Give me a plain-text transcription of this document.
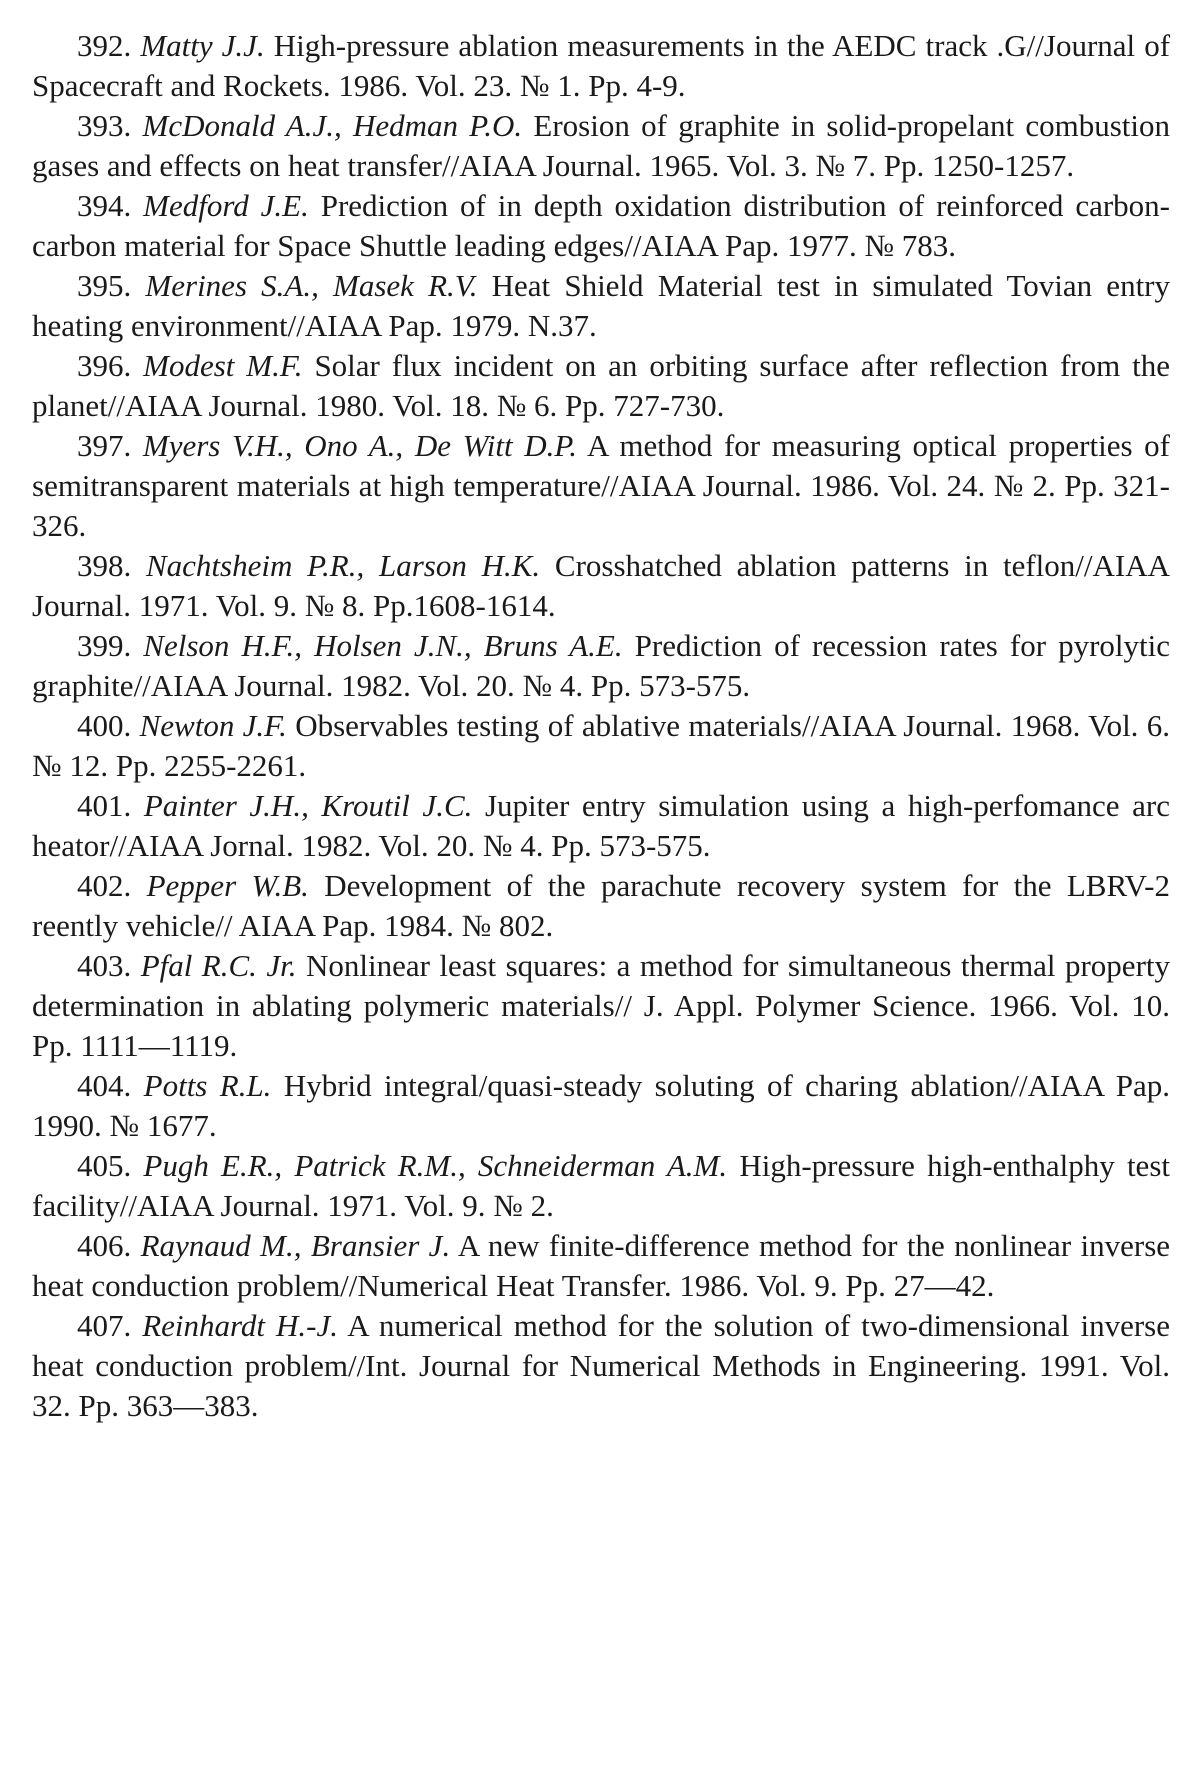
392. Matty J.J. High-pressure ablation measurements in the AEDC track .G//Journal of Spacecraft and Rockets. 1986. Vol. 23. № 1. Pp. 4-9.

393. McDonald A.J., Hedman P.O. Erosion of graphite in solid-propelant combustion gases and effects on heat transfer//AIAA Journal. 1965. Vol. 3. № 7. Pp. 1250-1257.

394. Medford J.E. Prediction of in depth oxidation distribution of reinforced carbon-carbon material for Space Shuttle leading edges//AIAA Pap. 1977. № 783.

395. Merines S.A., Masek R.V. Heat Shield Material test in simulated Tovian entry heating environment//AIAA Pap. 1979. N.37.

396. Modest M.F. Solar flux incident on an orbiting surface after reflection from the planet//AIAA Journal. 1980. Vol. 18. № 6. Pp. 727-730.

397. Myers V.H., Ono A., De Witt D.P. A method for measuring optical properties of semitransparent materials at high temperature//AIAA Journal. 1986. Vol. 24. № 2. Pp. 321-326.

398. Nachtsheim P.R., Larson H.K. Crosshatched ablation patterns in teflon//AIAA Journal. 1971. Vol. 9. № 8. Pp.1608-1614.

399. Nelson H.F., Holsen J.N., Bruns A.E. Prediction of recession rates for pyrolytic graphite//AIAA Journal. 1982. Vol. 20. № 4. Pp. 573-575.

400. Newton J.F. Observables testing of ablative materials//AIAA Journal. 1968. Vol. 6. № 12. Pp. 2255-2261.

401. Painter J.H., Kroutil J.C. Jupiter entry simulation using a high-perfomance arc heator//AIAA Jornal. 1982. Vol. 20. № 4. Pp. 573-575.

402. Pepper W.B. Development of the parachute recovery system for the LBRV-2 reently vehicle// AIAA Pap. 1984. № 802.

403. Pfal R.C. Jr. Nonlinear least squares: a method for simultaneous thermal property determination in ablating polymeric materials// J. Appl. Polymer Science. 1966. Vol. 10. Pp. 1111—1119.

404. Potts R.L. Hybrid integral/quasi-steady soluting of charing ablation//AIAA Pap. 1990. № 1677.

405. Pugh E.R., Patrick R.M., Schneiderman A.M. High-pressure high-enthalphy test facility//AIAA Journal. 1971. Vol. 9. № 2.

406. Raynaud M., Bransier J. A new finite-difference method for the nonlinear inverse heat conduction problem//Numerical Heat Transfer. 1986. Vol. 9. Pp. 27—42.

407. Reinhardt H.-J. A numerical method for the solution of two-dimensional inverse heat conduction problem//Int. Journal for Numerical Methods in Engineering. 1991. Vol. 32. Pp. 363—383.
